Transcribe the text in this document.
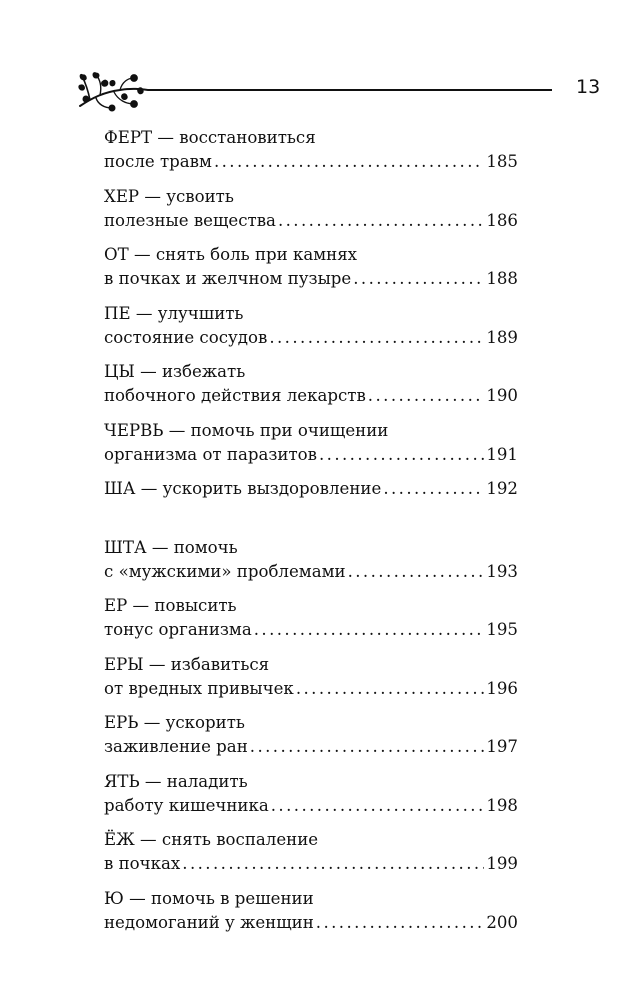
13
ФЕРТ — восстановиться
после травм .....	185
ХЕР — усвоить
полезные вещества .....	186
ОТ — снять боль при камнях
в почках и желчном пузыре .....	188
ПЕ — улучшить
состояние сосудов .....	189
ЦЫ — избежать
побочного действия лекарств .....	190
ЧЕРВЬ — помочь при очищении
организма от паразитов .....	191
ША — ускорить выздоровление .....	192
ШТА — помочь
с «мужскими» проблемами .....	193
ЕР — повысить
тонус организма .....	195
ЕРЫ — избавиться
от вредных привычек .....	196
ЕРЬ — ускорить
заживление ран .....	197
ЯТЬ — наладить
работу кишечника .....	198
ЁЖ — снять воспаление
в почках .....	199
Ю — помочь в решении
недомоганий у женщин .....	200
